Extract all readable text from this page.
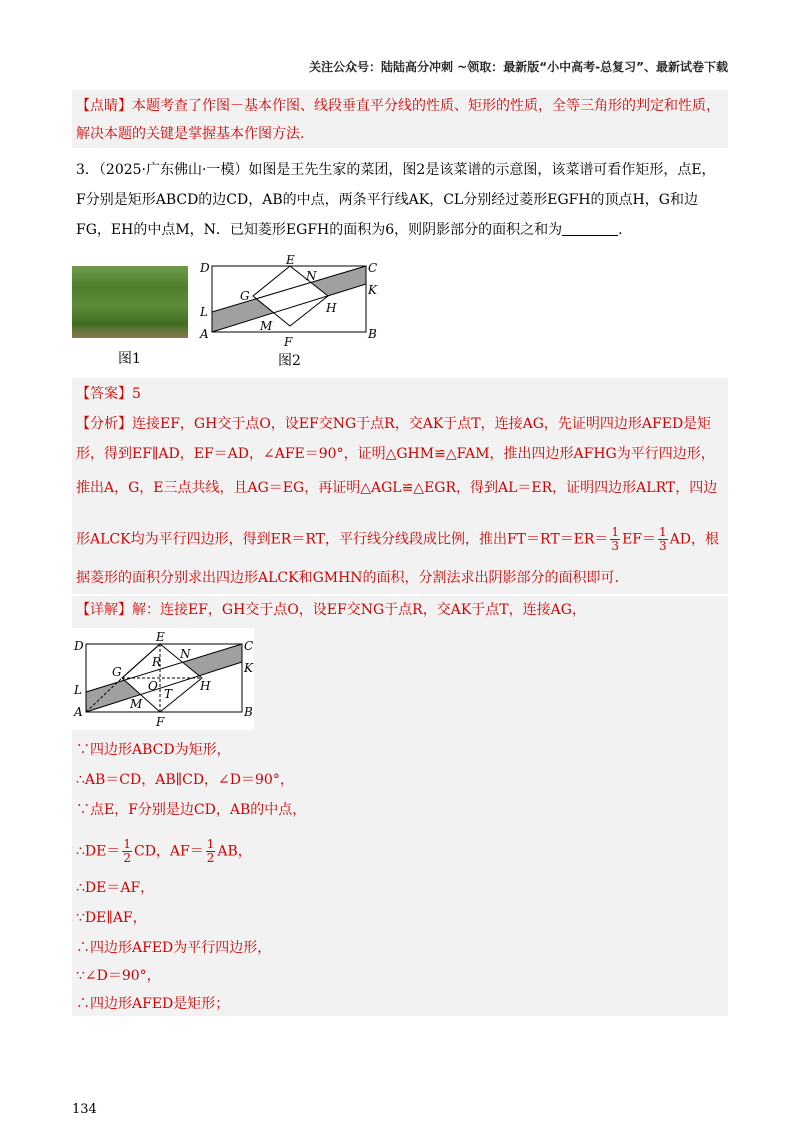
关注公众号：陆陆高分冲刺 ~领取：最新版“小中高考-总复习”、最新试卷下载
【点睛】本题考查了作图－基本作图、线段垂直平分线的性质、矩形的性质，全等三角形的判定和性质，
解决本题的关键是掌握基本作图方法.
3．（2025·广东佛山·一模）如图是王先生家的菜团，图2是该菜谱的示意图，该菜谱可看作矩形，点E，
F分别是矩形ABCD的边CD，AB的中点，两条平行线AK，CL分别经过菱形EGFH的顶点H，G和边
FG，EH的中点M，N．已知菱形EGFH的面积为6，则阴影部分的面积之和为	.
图1
D
E
C
K
N
G
H
L
M
A	B
F
图2
【答案】5
【分析】连接EF，GH交于点O，设EF交NG于点R，交AK于点T，连接AG，先证明四边形AFED是矩
形，得到EF∥AD，EF＝AD，∠AFE＝90°，证明△GHM≌△FAM，推出四边形AFHG为平行四边形，
推出A，G，E三点共线，且AG＝EG，再证明△AGL≌△EGR，得到AL＝ER，证明四边形ALRT，四边
形ALCK均为平行四边形，得到ER＝RT，平行线分线段成比例，推出$FT=RT=ER= \frac{1}{3} EF= \frac{1}{3}$ AD，根
据菱形的面积分别求出四边形ALCK和GMHN的面积，分割法求出阴影部分的面积即可.
【详解】解：连接EF，GH交于点O，设EF交NG于点R，交AK于点T，连接AG，
D
E
C
K
R
N
G
O	H
T
L
M
A	B
F
∵四边形ABCD为矩形，
∴AB＝CD，AB∥CD，∠D＝90°，
∵点E，F分别是边CD，AB的中点，
∴DE＝ $\frac{1}{2}$ CD，$AF= \frac{1}{2}$ AB，
∴DE＝AF，
∵DE∥AF，
∴四边形AFED为平行四边形，
∵∠D＝90°，
∴四边形AFED是矩形；
134
